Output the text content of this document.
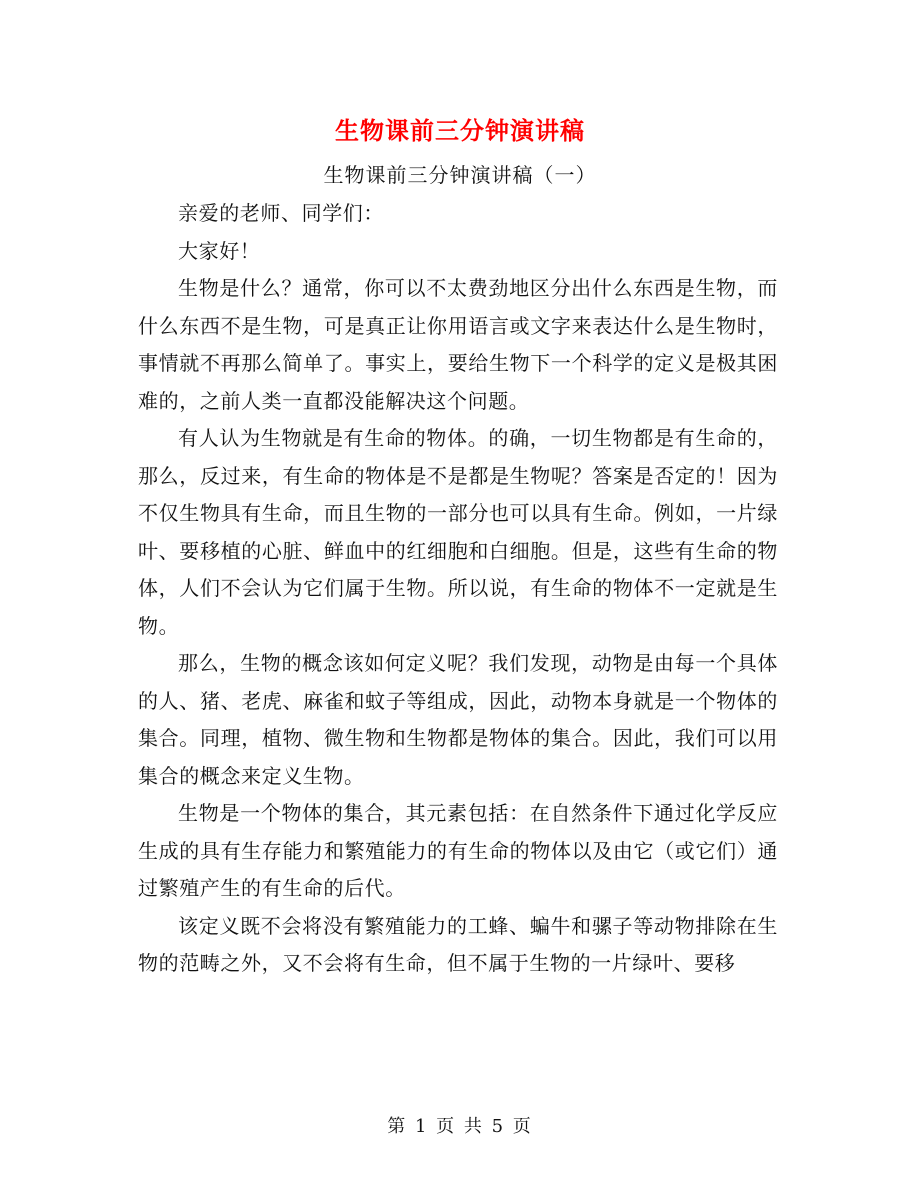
生物课前三分钟演讲稿
生物课前三分钟演讲稿（一）

亲爱的老师、同学们：

大家好！

生物是什么？通常，你可以不太费劲地区分出什么东西是生物，而什么东西不是生物，可是真正让你用语言或文字来表达什么是生物时，事情就不再那么简单了。事实上，要给生物下一个科学的定义是极其困难的，之前人类一直都没能解决这个问题。

有人认为生物就是有生命的物体。的确，一切生物都是有生命的，那么，反过来，有生命的物体是不是都是生物呢？答案是否定的！因为不仅生物具有生命，而且生物的一部分也可以具有生命。例如，一片绿叶、要移植的心脏、鲜血中的红细胞和白细胞。但是，这些有生命的物体，人们不会认为它们属于生物。所以说，有生命的物体不一定就是生物。

那么，生物的概念该如何定义呢？我们发现，动物是由每一个具体的人、猪、老虎、麻雀和蚊子等组成，因此，动物本身就是一个物体的集合。同理，植物、微生物和生物都是物体的集合。因此，我们可以用集合的概念来定义生物。

生物是一个物体的集合，其元素包括：在自然条件下通过化学反应生成的具有生存能力和繁殖能力的有生命的物体以及由它（或它们）通过繁殖产生的有生命的后代。

该定义既不会将没有繁殖能力的工蜂、蝙牛和骡子等动物排除在生物的范畴之外，又不会将有生命，但不属于生物的一片绿叶、要移

第 1 页 共 5 页
